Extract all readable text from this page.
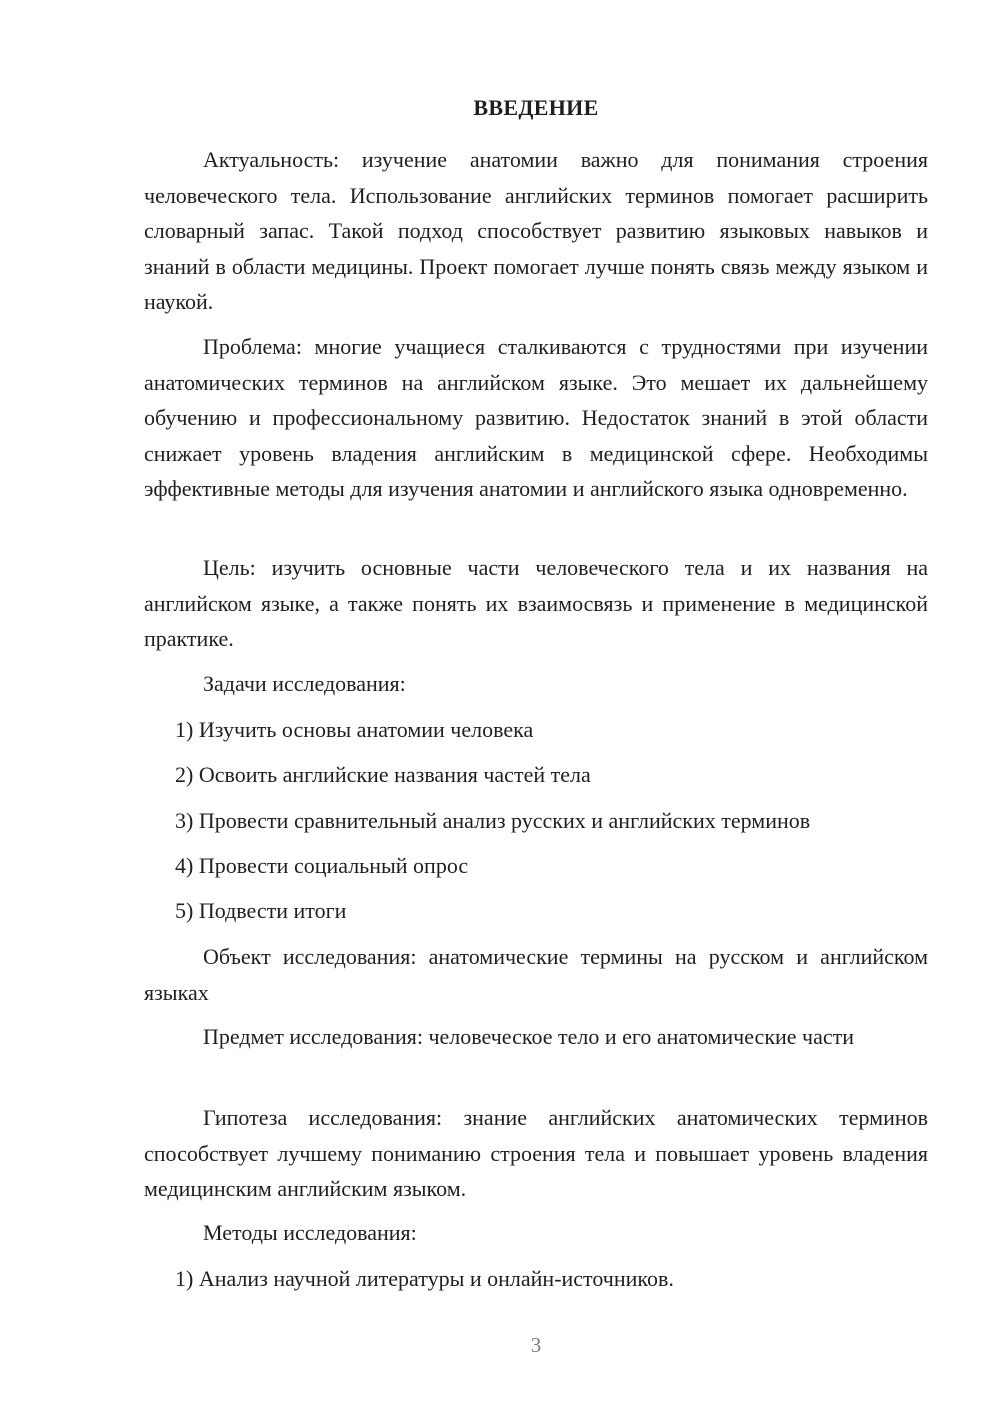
ВВЕДЕНИЕ

Актуальность: изучение анатомии важно для понимания строения человеческого тела. Использование английских терминов помогает расширить словарный запас. Такой подход способствует развитию языковых навыков и знаний в области медицины. Проект помогает лучше понять связь между языком и наукой.

Проблема: многие учащиеся сталкиваются с трудностями при изучении анатомических терминов на английском языке. Это мешает их дальнейшему обучению и профессиональному развитию. Недостаток знаний в этой области снижает уровень владения английским в медицинской сфере. Необходимы эффективные методы для изучения анатомии и английского языка одновременно.

Цель: изучить основные части человеческого тела и их названия на английском языке, а также понять их взаимосвязь и применение в медицинской практике.

Задачи исследования:

1) Изучить основы анатомии человека

2) Освоить английские названия частей тела

3) Провести сравнительный анализ русских и английских терминов

4) Провести социальный опрос

5) Подвести итоги

Объект исследования: анатомические термины на русском и английском языках

Предмет исследования: человеческое тело и его анатомические части

Гипотеза исследования: знание английских анатомических терминов способствует лучшему пониманию строения тела и повышает уровень владения медицинским английским языком.

Методы исследования:

1) Анализ научной литературы и онлайн-источников.

3
